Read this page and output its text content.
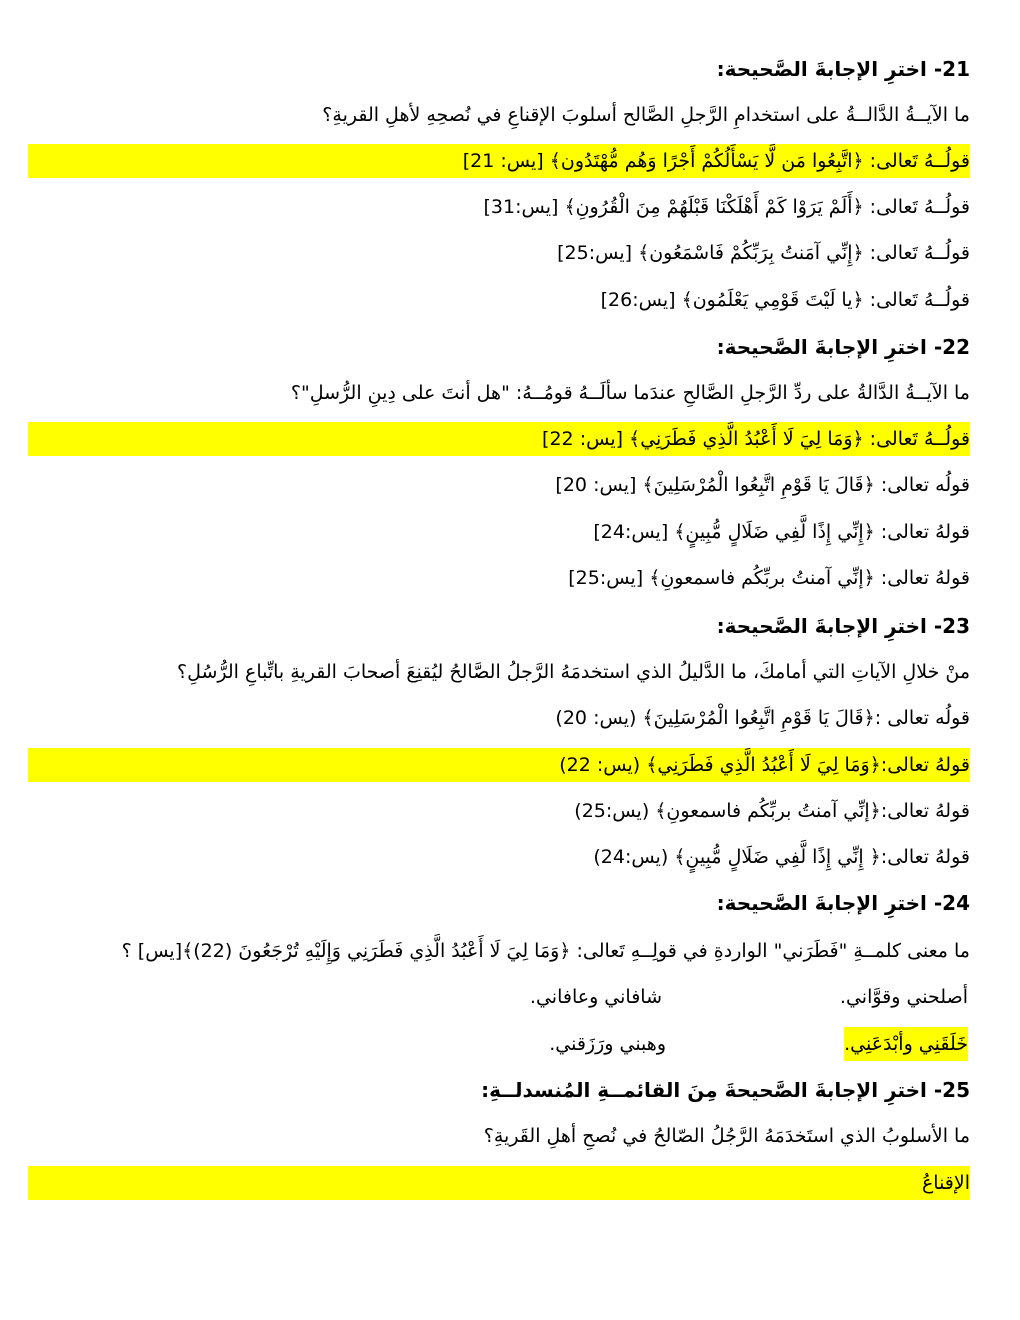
21- اخترِ الإجابةَ الصَّحيحة:
ما الآيــةُ الدَّالــةُ على استخدامِ الرَّجلِ الصَّالح أسلوبَ الإقناعِ في نُصحِهِ لأهلِ القريةِ؟
قولُــهُ تَعالى: ﴿اتَّبِعُوا مَن لَّا يَسْأَلُكُمْ أَجْرًا وَهُم مُّهْتَدُون﴾ [يس: 21]
قولُــهُ تَعالى: ﴿أَلَمْ يَرَوْا كَمْ أَهْلَكْنَا قَبْلَهُمْ مِنَ الْقُرُونِ﴾ [يس:31]
قولُــهُ تَعالى: ﴿إِنِّي آمَنتُ بِرَبِّكُمْ فَاسْمَعُون﴾ [يس:25]
قولُــهُ تَعالى: ﴿يا لَيْتَ قَوْمِي يَعْلَمُون﴾ [يس:26]
22- اخترِ الإجابةَ الصَّحيحة:
ما الآيــةُ الدَّالةُ على ردِّ الرَّجلِ الصَّالحِ عندَما سألَــهُ قومُــهُ: "هل أنتَ على دِينِ الرُّسلِ"؟
قولُــهُ تَعالى: ﴿وَمَا لِيَ لَا أَعْبُدُ الَّذِي فَطَرَنِي﴾ [يس: 22]
قولُه تعالى: ﴿قَالَ يَا قَوْمِ اتَّبِعُوا الْمُرْسَلِينَ﴾ [يس: 20]
قولهُ تعالى: ﴿إِنِّي إِذًا لَّفِي ضَلَالٍ مُّبِينٍ﴾ [يس:24]
قولهُ تعالى: ﴿إنِّي آمنتُ بربِّكُم فاسمعونِ﴾ [يس:25]
23- اخترِ الإجابةَ الصَّحيحة:
منْ خلالِ الآياتِ التي أمامكَ، ما الدَّليلُ الذي استخدمَهُ الرَّجلُ الصَّالحُ ليُقنِعَ أصحابَ القريةِ باتِّباعِ الرُّسُلِ؟
قولُه تعالى :﴿قَالَ يَا قَوْمِ اتَّبِعُوا الْمُرْسَلِينَ﴾ (يس: 20)
قولهُ تعالى:﴿وَمَا لِيَ لَا أَعْبُدُ الَّذِي فَطَرَنِي﴾ (يس: 22)
قولهُ تعالى:﴿إنِّي آمنتُ بربِّكُم فاسمعونِ﴾ (يس:25)
قولهُ تعالى:﴿ إِنِّي إِذًا لَّفِي ضَلَالٍ مُّبِينٍ﴾ (يس:24)
24- اخترِ الإجابةَ الصَّحيحة:
ما معنى كلمــةِ "فَطَرَني" الواردةِ في قولِــهِ تَعالى: ﴿وَمَا لِيَ لَا أَعْبُدُ الَّذِي فَطَرَنِي وَإِلَيْهِ تُرْجَعُونَ (22)﴾[يس] ؟
أصلحني وقوَّاني.
شافاني وعافاني.
خَلَقَنِي وأبْدَعَنِي.
وهبني ورَزَقني.
25- اخترِ الإجابةَ الصَّحيحةَ مِنَ القائمــةِ المُنسدلــةِ:
ما الأسلوبُ الذي استَخدَمَهُ الرَّجُلُ الصّالحُ في نُصحِ أهلِ القَريةِ؟
الإقناعُ
